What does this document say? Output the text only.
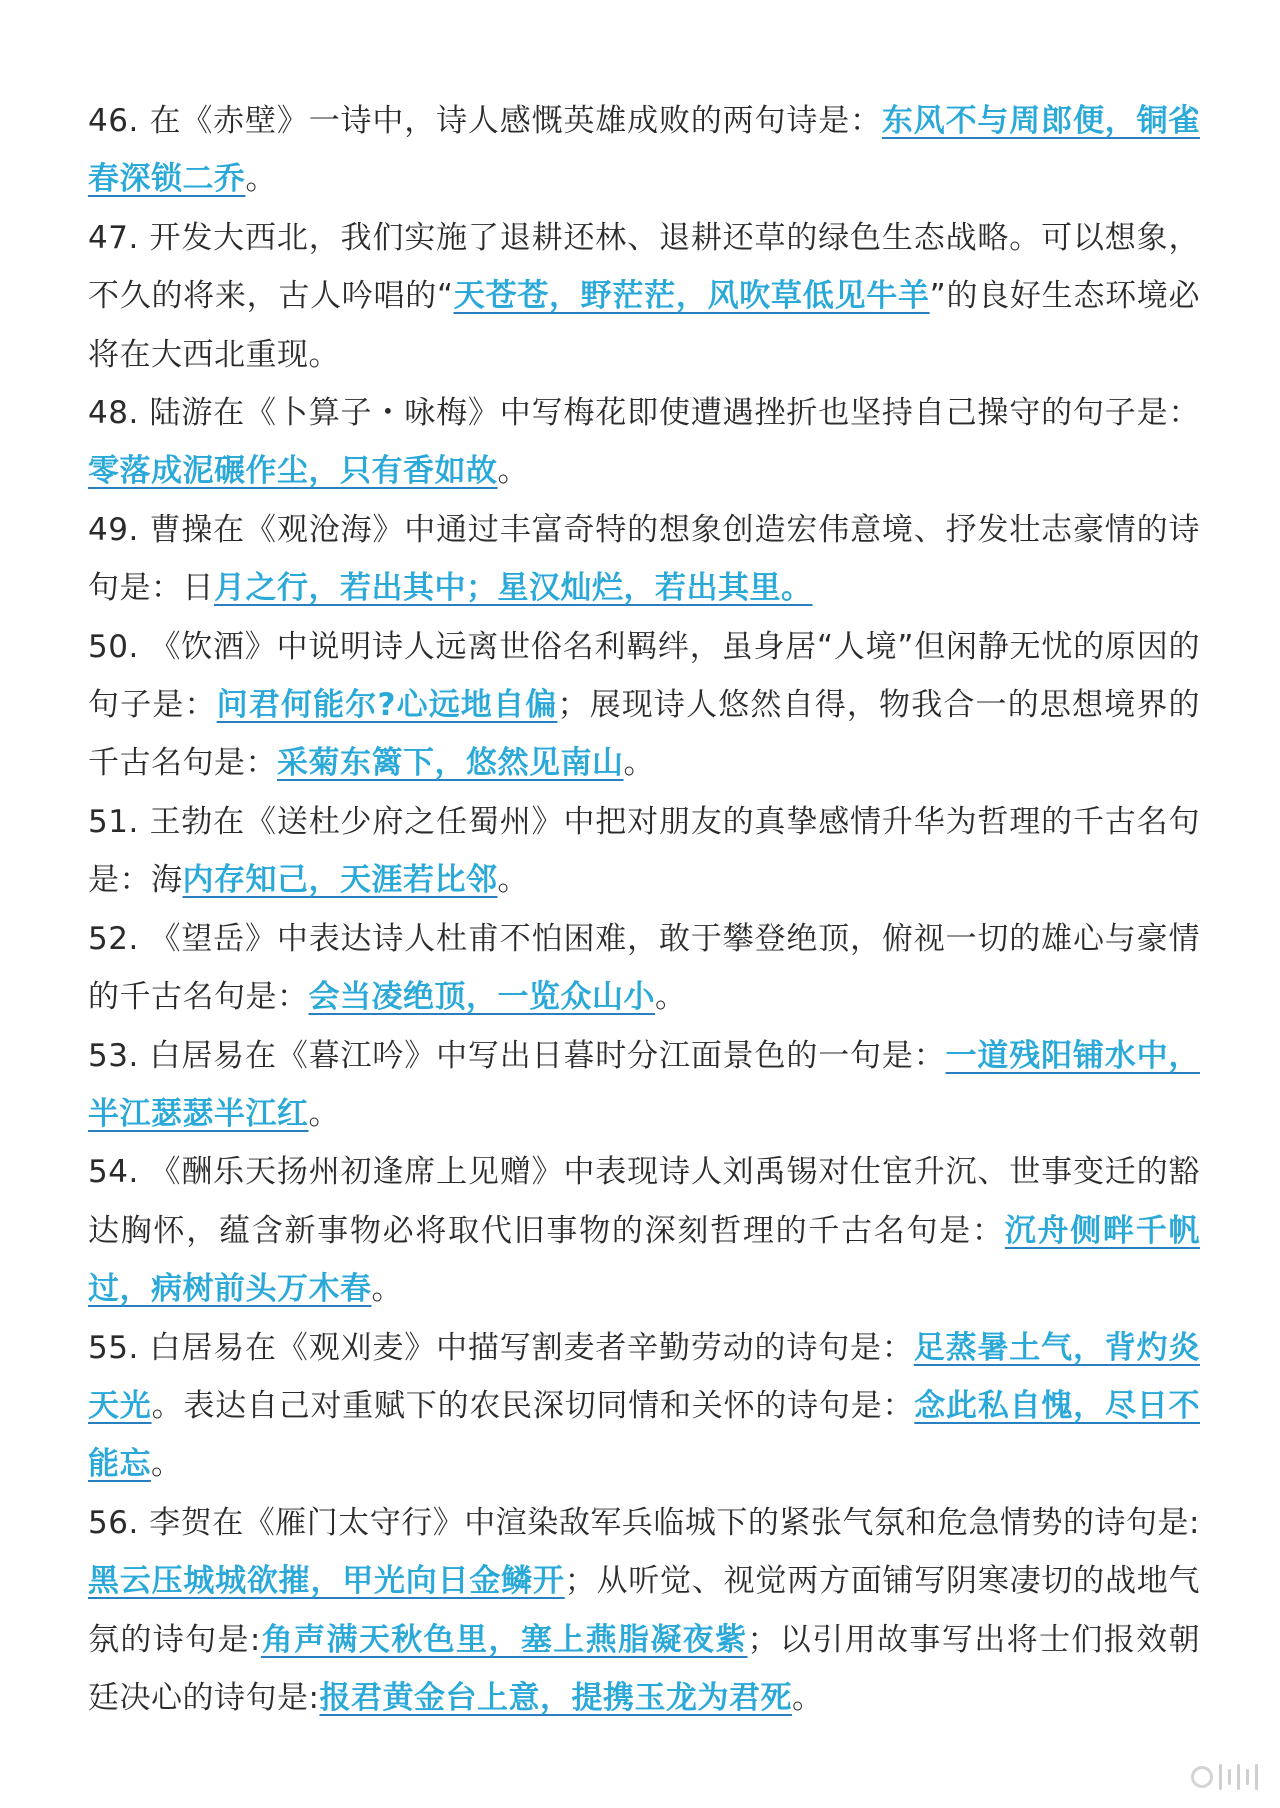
46. 在《赤壁》一诗中，诗人感慨英雄成败的两句诗是：东风不与周郎便，铜雀春深锁二乔。

47. 开发大西北，我们实施了退耕还林、退耕还草的绿色生态战略。可以想象，不久的将来，古人吟唱的“天苍苍，野茫茫，风吹草低见牛羊”的良好生态环境必将在大西北重现。

48. 陆游在《卜算子・咏梅》中写梅花即使遭遇挫折也坚持自己操守的句子是：零落成泥碾作尘，只有香如故。

49. 曹操在《观沧海》中通过丰富奇特的想象创造宏伟意境、抒发壮志豪情的诗句是：日月之行，若出其中；星汉灿烂，若出其里。

50. 《饮酒》中说明诗人远离世俗名利羁绊，虽身居“人境”但闲静无忧的原因的句子是：问君何能尔?心远地自偏；展现诗人悠然自得，物我合一的思想境界的千古名句是：采菊东篱下，悠然见南山。

51. 王勃在《送杜少府之任蜀州》中把对朋友的真挚感情升华为哲理的千古名句是：海内存知己，天涯若比邻。

52. 《望岳》中表达诗人杜甫不怕困难，敢于攀登绝顶，俯视一切的雄心与豪情的千古名句是：会当凌绝顶，一览众山小。

53. 白居易在《暮江吟》中写出日暮时分江面景色的一句是：一道残阳铺水中，半江瑟瑟半江红。

54. 《酬乐天扬州初逢席上见赠》中表现诗人刘禹锡对仕宦升沉、世事变迁的豁达胸怀，蕴含新事物必将取代旧事物的深刻哲理的千古名句是：沉舟侧畔千帆过，病树前头万木春。

55. 白居易在《观刈麦》中描写割麦者辛勤劳动的诗句是：足蒸暑土气，背灼炎天光。表达自己对重赋下的农民深切同情和关怀的诗句是：念此私自愧，尽日不能忘。

56. 李贺在《雁门太守行》中渲染敌军兵临城下的紧张气氛和危急情势的诗句是:黑云压城城欲摧，甲光向日金鳞开；从听觉、视觉两方面铺写阴寒凄切的战地气氛的诗句是:角声满天秋色里，塞上燕脂凝夜紫；以引用故事写出将士们报效朝廷决心的诗句是:报君黄金台上意，提携玉龙为君死。
